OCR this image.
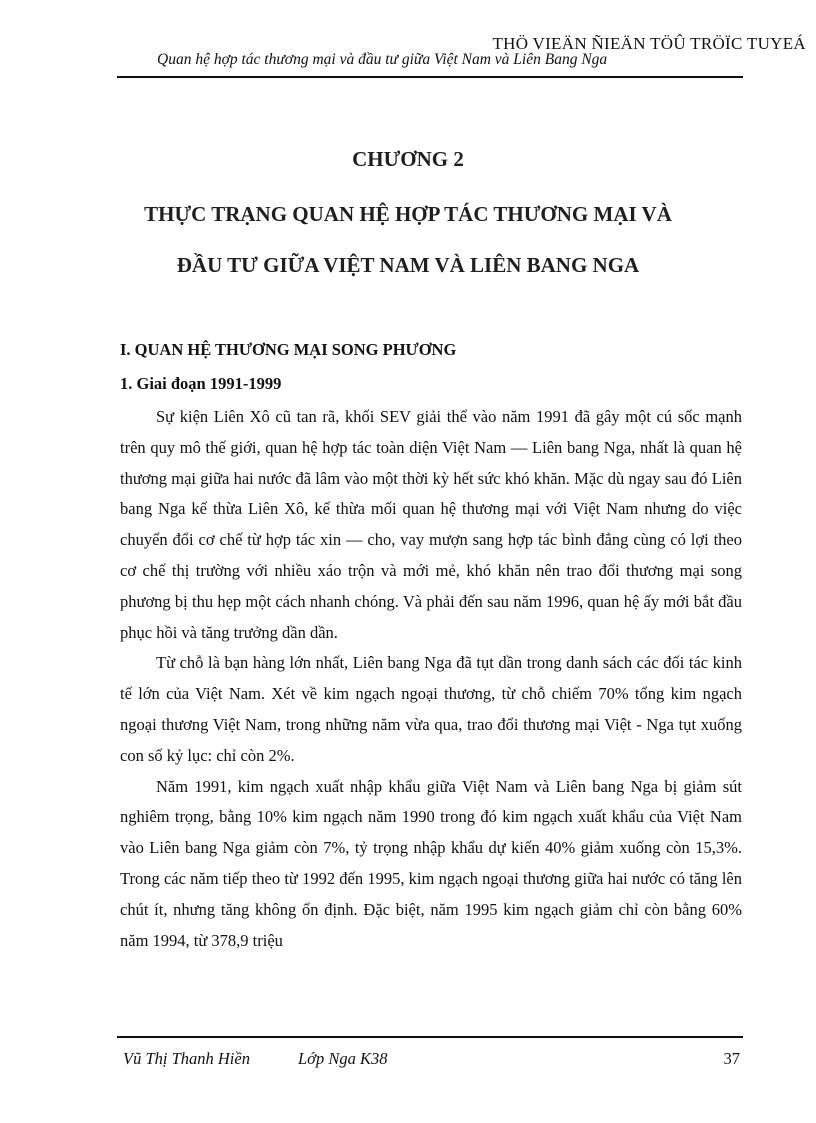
THÖ VIEÄN ÑIEÄN TÖÛ TRÖÏC TUYEÁ
Quan hệ hợp tác thương mại và đầu tư giữa Việt Nam và Liên Bang Nga
CHƯƠNG 2
THỰC TRẠNG QUAN HỆ HỢP TÁC THƯƠNG MẠI VÀ
ĐẦU TƯ GIỮA VIỆT NAM VÀ LIÊN BANG NGA
I. QUAN HỆ THƯƠNG MẠI SONG PHƯƠNG
1. Giai đoạn 1991-1999

Sự kiện Liên Xô cũ tan rã, khối SEV giải thể vào năm 1991 đã gây một cú sốc mạnh trên quy mô thế giới, quan hệ hợp tác toàn diện Việt Nam — Liên bang Nga, nhất là quan hệ thương mại giữa hai nước đã lâm vào một thời kỳ hết sức khó khăn. Mặc dù ngay sau đó Liên bang Nga kế thừa Liên Xô, kế thừa mối quan hệ thương mại với Việt Nam nhưng do việc chuyển đổi cơ chế từ hợp tác xin — cho, vay mượn sang hợp tác bình đẳng cùng có lợi theo cơ chế thị trường với nhiều xáo trộn và mới mẻ, khó khăn nên trao đổi thương mại song phương bị thu hẹp một cách nhanh chóng. Và phải đến sau năm 1996, quan hệ ấy mới bắt đầu phục hồi và tăng trưởng dần dần.

Từ chỗ là bạn hàng lớn nhất, Liên bang Nga đã tụt dần trong danh sách các đối tác kinh tế lớn của Việt Nam. Xét về kim ngạch ngoại thương, từ chỗ chiếm 70% tổng kim ngạch ngoại thương Việt Nam, trong những năm vừa qua, trao đổi thương mại Việt - Nga tụt xuống con số kỷ lục: chỉ còn 2%.

Năm 1991, kim ngạch xuất nhập khẩu giữa Việt Nam và Liên bang Nga bị giảm sút nghiêm trọng, bằng 10% kim ngạch năm 1990 trong đó kim ngạch xuất khẩu của Việt Nam vào Liên bang Nga giảm còn 7%, tỷ trọng nhập khẩu dự kiến 40% giảm xuống còn 15,3%. Trong các năm tiếp theo từ 1992 đến 1995, kim ngạch ngoại thương giữa hai nước có tăng lên chút ít, nhưng tăng không ổn định. Đặc biệt, năm 1995 kim ngạch giảm chỉ còn bằng 60% năm 1994, từ 378,9 triệu

Vũ Thị Thanh Hiền	Lớp Nga K38	37
